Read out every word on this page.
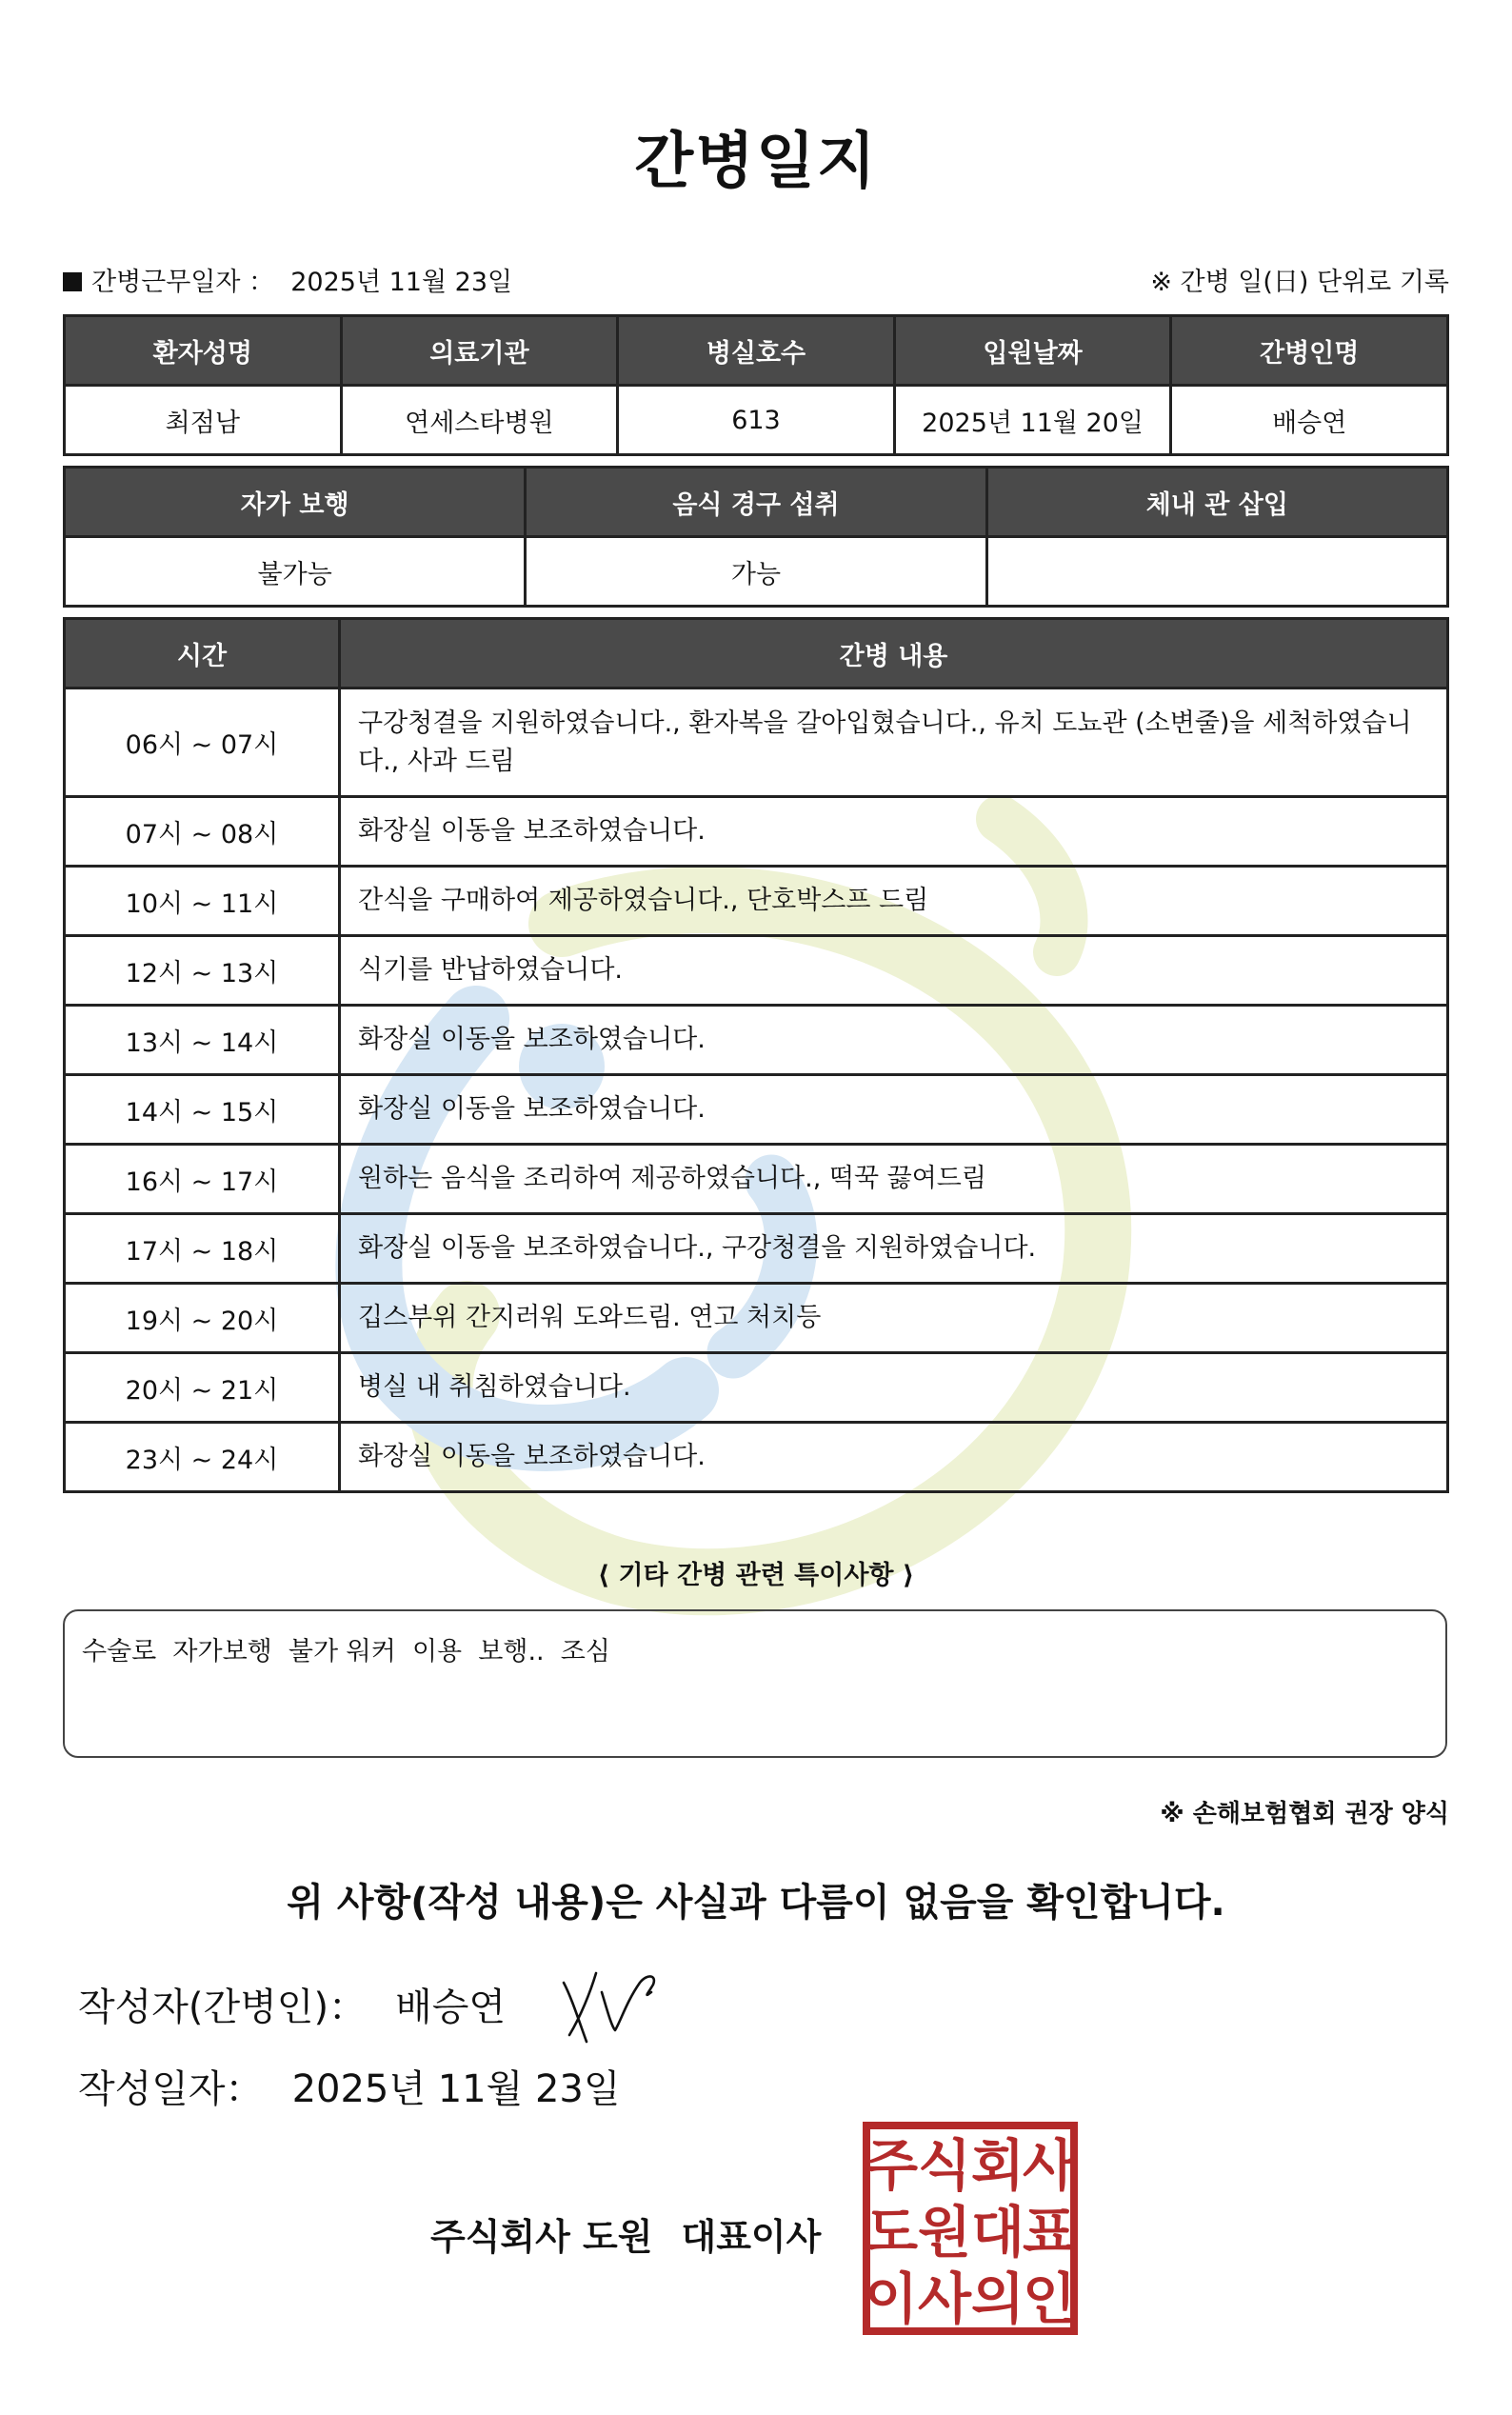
간병일지
간병근무일자 ： 2025년 11월 23일	※ 간병 일(日) 단위로 기록
환자성명	의료기관	병실호수	입원날짜	간병인명
최점남	연세스타병원	613	2025년 11월 20일	배승연
자가 보행	음식 경구 섭취	체내 관 삽입
불가능	가능	
시간	간병 내용
06시 ~ 07시	구강청결을 지원하였습니다., 환자복을 갈아입혔습니다., 유치 도뇨관 (소변줄)을 세척하였습니다., 사과 드림
07시 ~ 08시	화장실 이동을 보조하였습니다.
10시 ~ 11시	간식을 구매하여 제공하였습니다., 단호박스프 드림
12시 ~ 13시	식기를 반납하였습니다.
13시 ~ 14시	화장실 이동을 보조하였습니다.
14시 ~ 15시	화장실 이동을 보조하였습니다.
16시 ~ 17시	원하는 음식을 조리하여 제공하였습니다., 떡꾹 끓여드림
17시 ~ 18시	화장실 이동을 보조하였습니다., 구강청결을 지원하였습니다.
19시 ~ 20시	깁스부위 간지러워 도와드림. 연고 처치등
20시 ~ 21시	병실 내 취침하였습니다.
23시 ~ 24시	화장실 이동을 보조하였습니다.
⟨ 기타 간병 관련 특이사항 ⟩
수술로  자가보행  불가 워커  이용  보행..  조심
※ 손해보험협회 권장 양식
위 사항(작성 내용)은 사실과 다름이 없음을 확인합니다.
작성자(간병인)： 배승연
작성일자： 2025년 11월 23일
주식회사 도원 대표이사
주 식 회
사
도 원 대
표
이 사 의
인
